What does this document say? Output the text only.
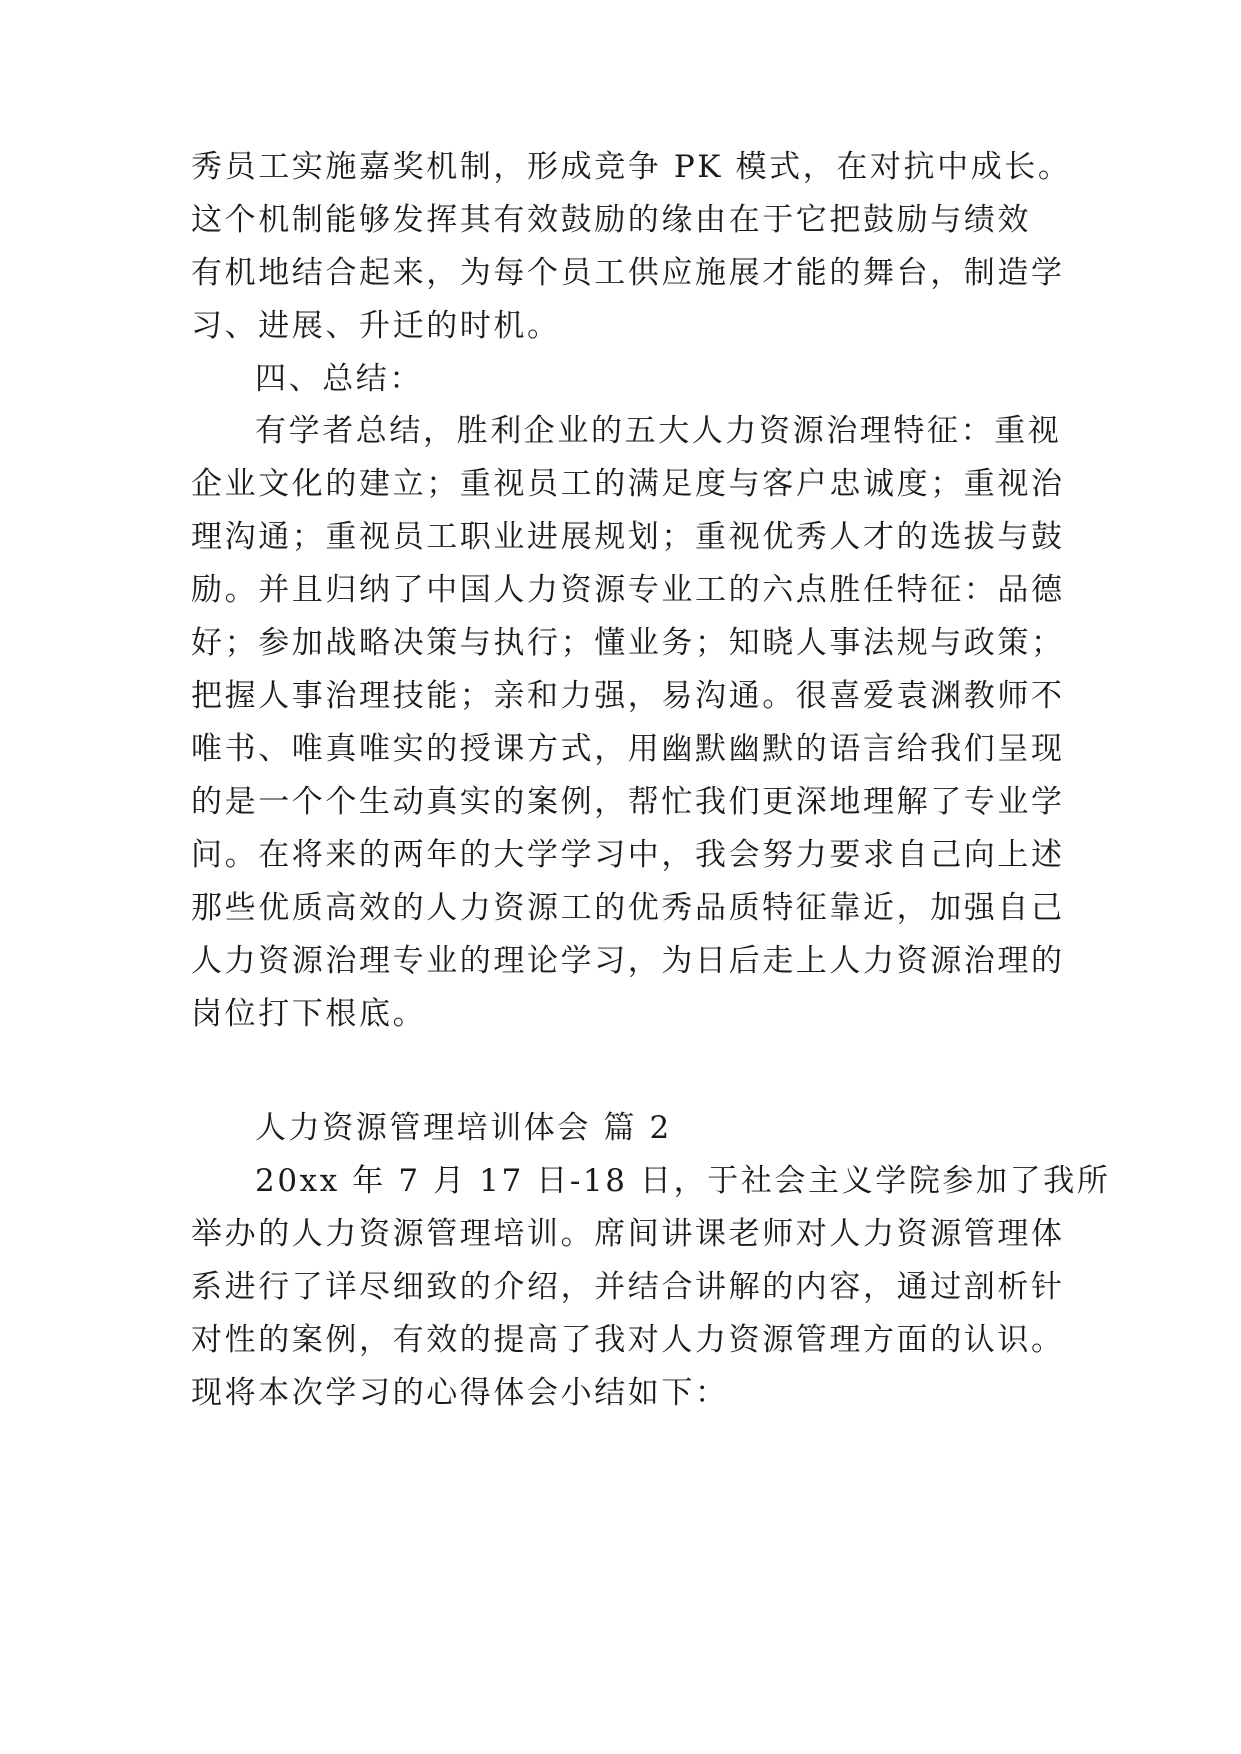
秀员工实施嘉奖机制，形成竞争 PK 模式，在对抗中成长。
这个机制能够发挥其有效鼓励的缘由在于它把鼓励与绩效
有机地结合起来，为每个员工供应施展才能的舞台，制造学
习、进展、升迁的时机。
四、总结：
有学者总结，胜利企业的五大人力资源治理特征：重视
企业文化的建立；重视员工的满足度与客户忠诚度；重视治
理沟通；重视员工职业进展规划；重视优秀人才的选拔与鼓
励。并且归纳了中国人力资源专业工的六点胜任特征：品德
好；参加战略决策与执行；懂业务；知晓人事法规与政策；
把握人事治理技能；亲和力强，易沟通。很喜爱袁渊教师不
唯书、唯真唯实的授课方式，用幽默幽默的语言给我们呈现
的是一个个生动真实的案例，帮忙我们更深地理解了专业学
问。在将来的两年的大学学习中，我会努力要求自己向上述
那些优质高效的人力资源工的优秀品质特征靠近，加强自己
人力资源治理专业的理论学习，为日后走上人力资源治理的
岗位打下根底。
人力资源管理培训体会 篇 2
20xx 年 7 月 17 日-18 日，于社会主义学院参加了我所
举办的人力资源管理培训。席间讲课老师对人力资源管理体
系进行了详尽细致的介绍，并结合讲解的内容，通过剖析针
对性的案例，有效的提高了我对人力资源管理方面的认识。
现将本次学习的心得体会小结如下：
